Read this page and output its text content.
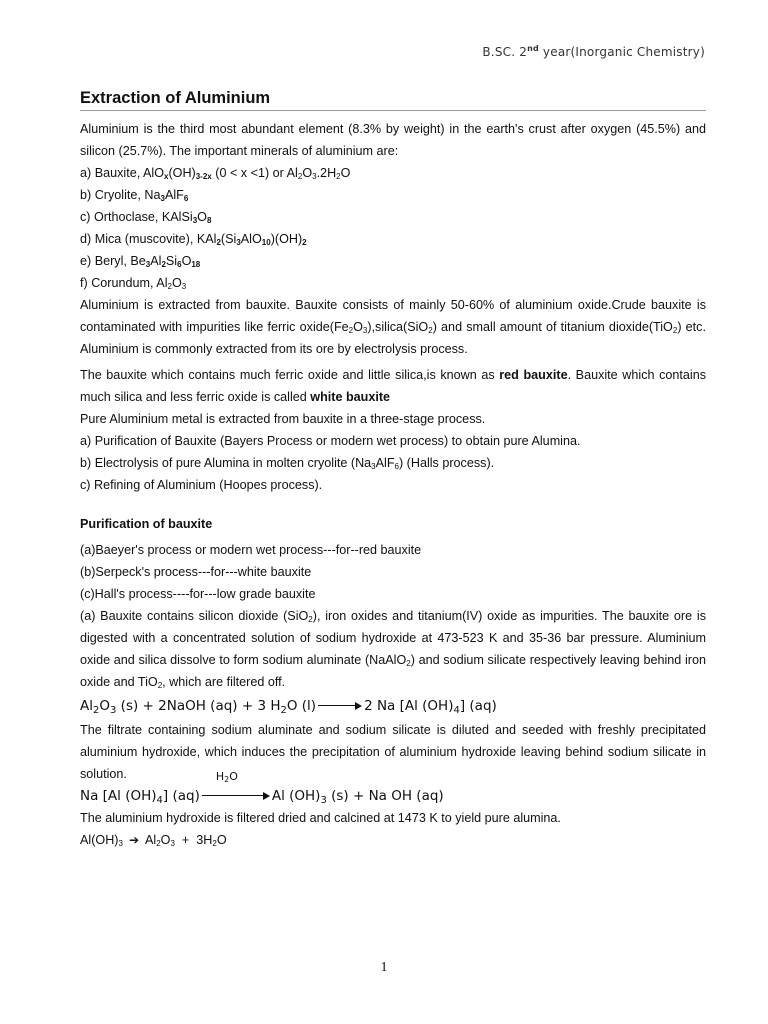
B.SC. 2nd year(Inorganic Chemistry)
Extraction of Aluminium

Aluminium is the third most abundant element (8.3% by weight) in the earth's crust after oxygen (45.5%) and silicon (25.7%). The important minerals of aluminium are:

a) Bauxite, AlOx(OH)3-2x (0 < x <1) or $Al_2O_3.2H_2O$

b) Cryolite, Na3AlF6

c) Orthoclase, KAlSi3O8

d) Mica (muscovite), KAl2(Si3AlO10)(OH)2

e) Beryl, Be3Al2Si6O18

f) Corundum, $Al_2O_3$

Aluminium is extracted from bauxite. Bauxite consists of mainly 50-60% of aluminium oxide.Crude bauxite is contaminated with impurities like ferric $oxide(Fe_2O_3),silica(SiO_2)$ and small amount of titanium dioxide(TiO$_2$) etc. Aluminium is commonly extracted from its ore by electrolysis process.

The bauxite which contains much ferric oxide and little silica,is known as red bauxite. Bauxite which contains much silica and less ferric oxide is called white bauxite

Pure Aluminium metal is extracted from bauxite in a three-stage process.

a) Purification of Bauxite (Bayers Process or modern wet process) to obtain pure Alumina.

b) Electrolysis of pure Alumina in molten cryolite $(Na_3AlF_6)$ (Halls process).

c) Refining of Aluminium (Hoopes process).

Purification of bauxite

(a)Baeyer's process or modern wet process---for--red bauxite

(b)Serpeck's process---for---white bauxite

(c)Hall's process----for---low grade bauxite

(a) Bauxite contains silicon dioxide (SiO$_2$), iron oxides and titanium(IV) oxide as impurities. The bauxite ore is digested with a concentrated solution of sodium hydroxide at 473-523 K and 35-36 bar pressure. Aluminium oxide and silica dissolve to form sodium aluminate (NaAlO$_2$) and sodium silicate respectively leaving behind iron oxide and TiO$_2$, which are filtered off.

$Al_2O_3$ (s) + 2NaOH (aq) + 3 $H_2O$ (l)	2 Na [Al $(OH)_4$] (aq)

The filtrate containing sodium aluminate and sodium silicate is diluted and seeded with freshly precipitated aluminium hydroxide, which induces the precipitation of aluminium hydroxide leaving behind sodium silicate in solution.

Na [Al $(OH)_4$] (aq)
$H_2O$
Al $(OH)_3$ (s) + Na OH (aq)

The aluminium hydroxide is filtered dried and calcined at 1473 K to yield pure alumina.

$Al(OH)_3$ ➔ $Al_2O_3 + 3H_2O$

1
